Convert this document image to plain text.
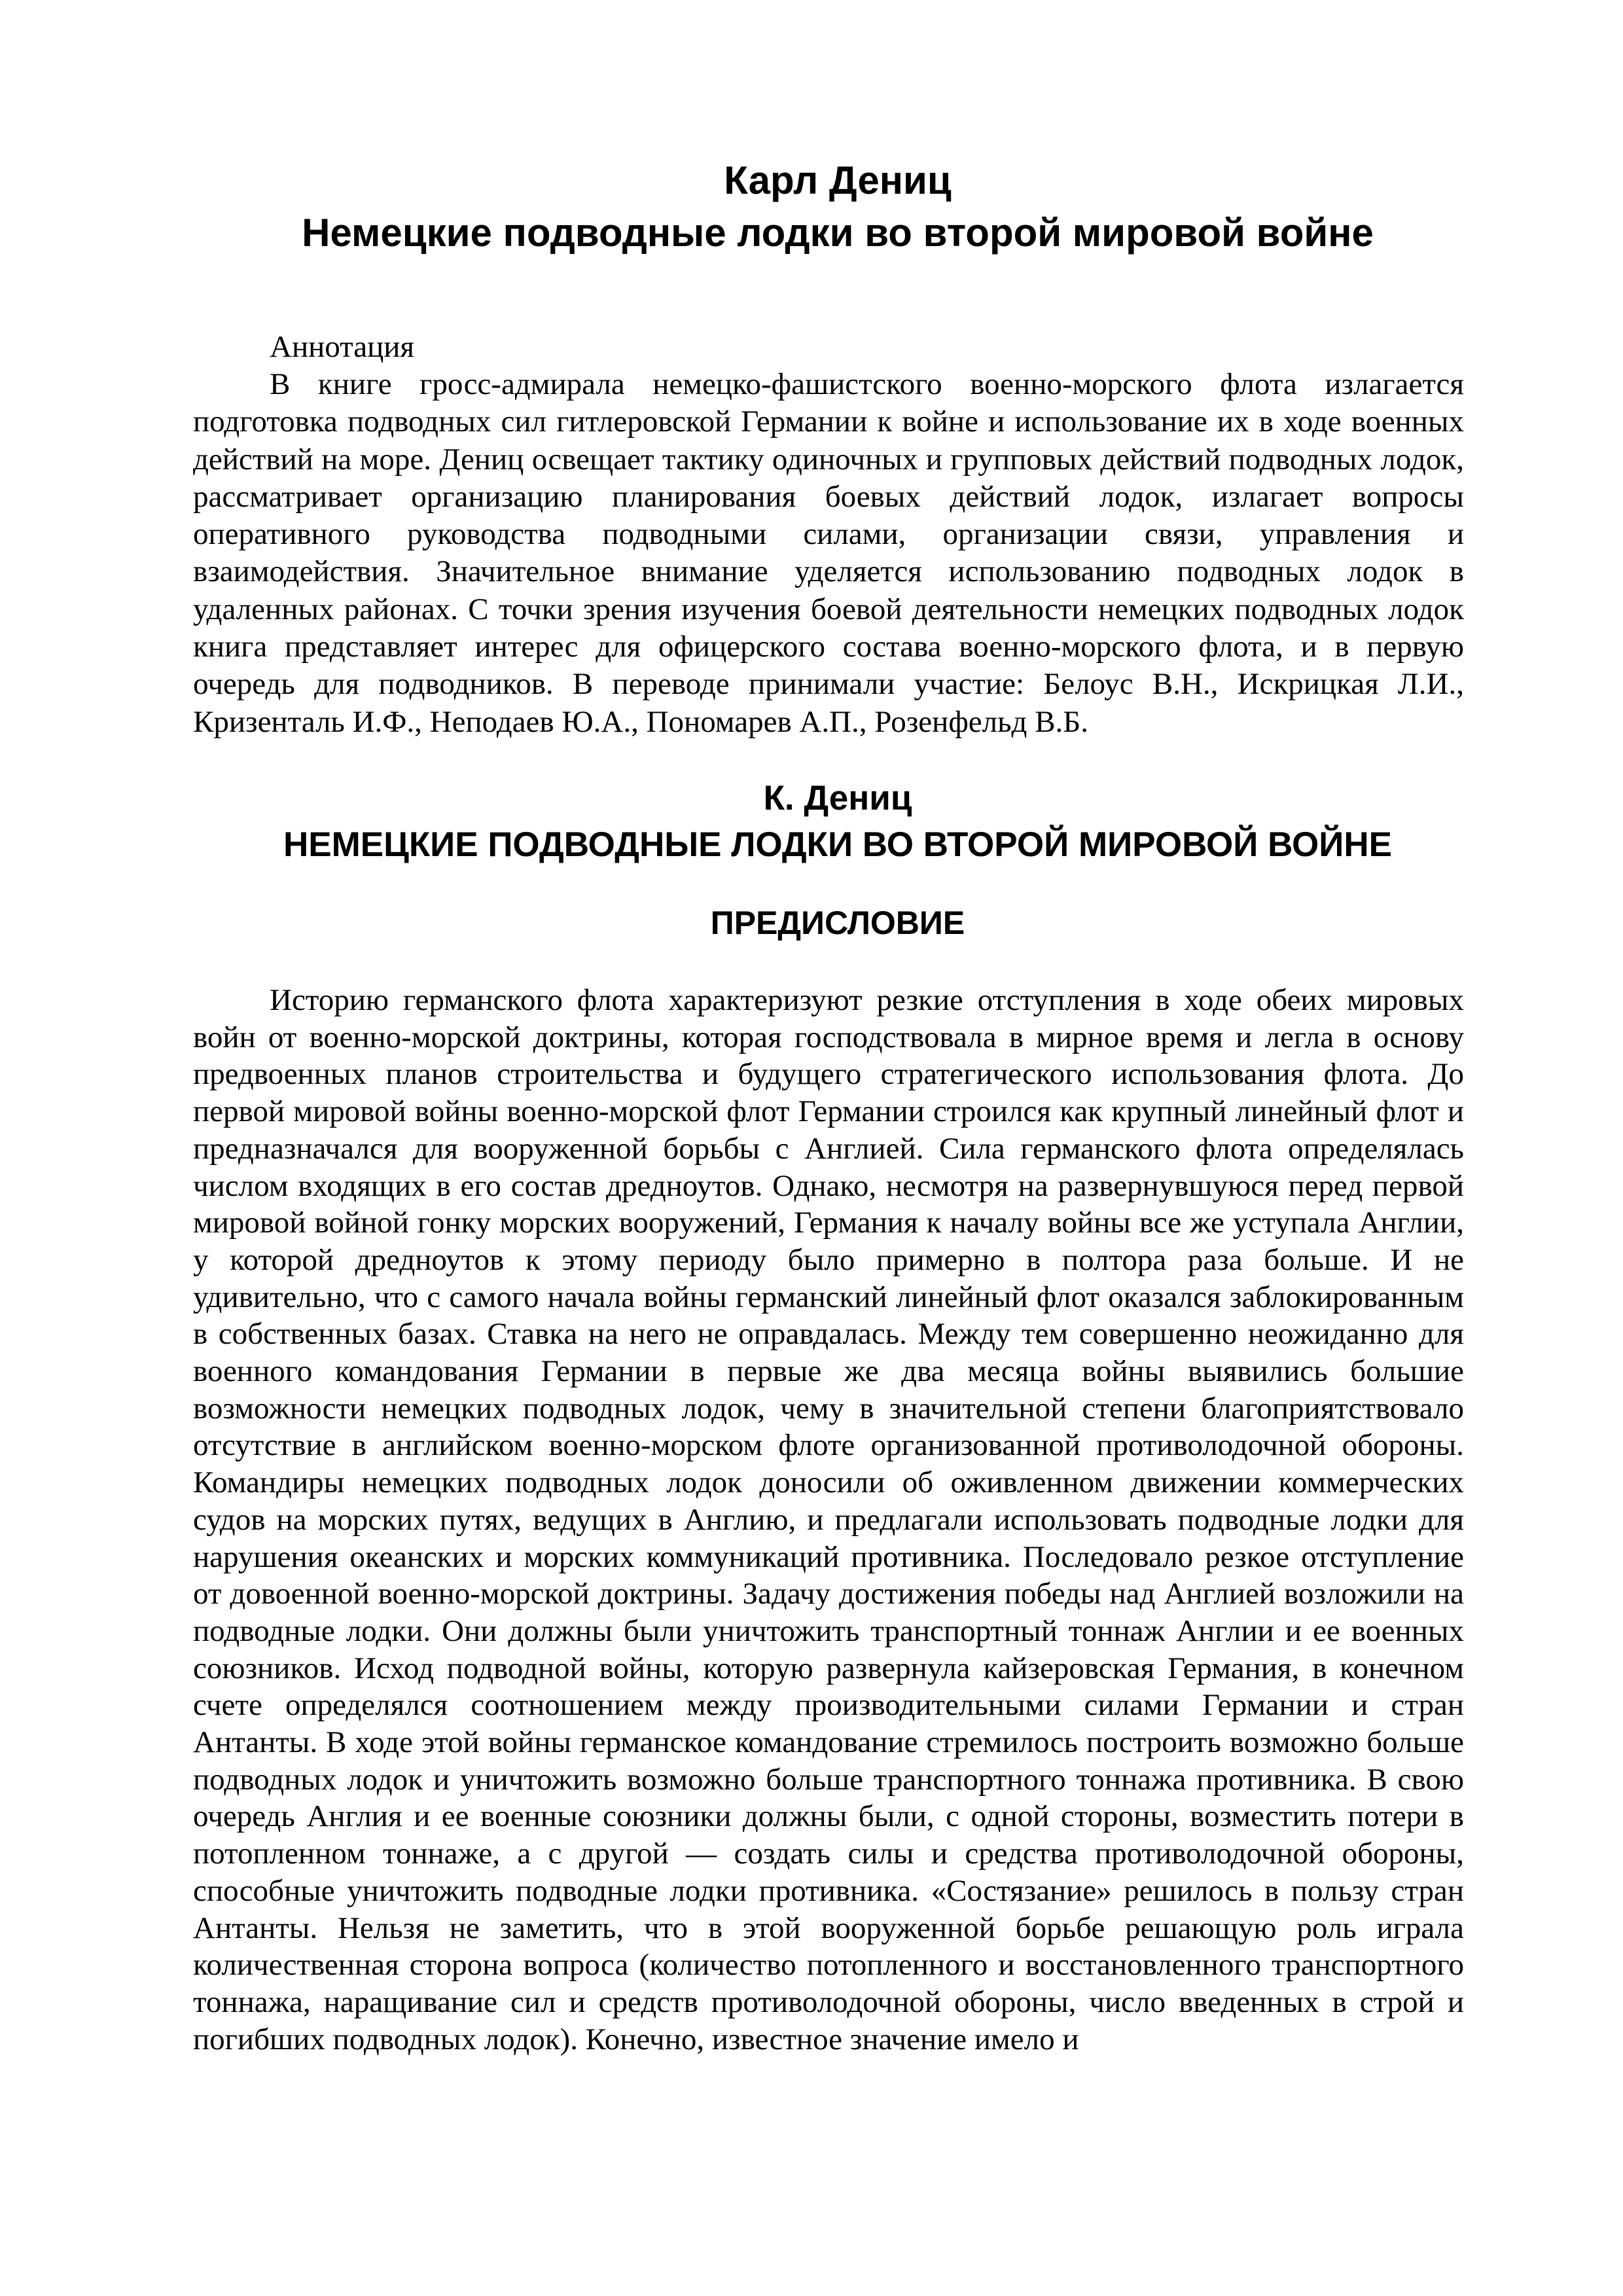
Карл Дениц
Немецкие подводные лодки во второй мировой войне
Аннотация
В книге гросс-адмирала немецко-фашистского военно-морского флота излагается подготовка подводных сил гитлеровской Германии к войне и использование их в ходе военных действий на море. Дениц освещает тактику одиночных и групповых действий подводных лодок, рассматривает организацию планирования боевых действий лодок, излагает вопросы оперативного руководства подводными силами, организации связи, управления и взаимодействия. Значительное внимание уделяется использованию подводных лодок в удаленных районах. С точки зрения изучения боевой деятельности немецких подводных лодок книга представляет интерес для офицерского состава военно-морского флота, и в первую очередь для подводников. В переводе принимали участие: Белоус В.Н., Искрицкая Л.И., Кризенталь И.Ф., Неподаев Ю.А., Пономарев А.П., Розенфельд В.Б.
К. Дениц
НЕМЕЦКИЕ ПОДВОДНЫЕ ЛОДКИ ВО ВТОРОЙ МИРОВОЙ ВОЙНЕ
ПРЕДИСЛОВИЕ
Историю германского флота характеризуют резкие отступления в ходе обеих мировых войн от военно-морской доктрины, которая господствовала в мирное время и легла в основу предвоенных планов строительства и будущего стратегического использования флота. До первой мировой войны военно-морской флот Германии строился как крупный линейный флот и предназначался для вооруженной борьбы с Англией. Сила германского флота определялась числом входящих в его состав дредноутов. Однако, несмотря на развернувшуюся перед первой мировой войной гонку морских вооружений, Германия к началу войны все же уступала Англии, у которой дредноутов к этому периоду было примерно в полтора раза больше. И не удивительно, что с самого начала войны германский линейный флот оказался заблокированным в собственных базах. Ставка на него не оправдалась. Между тем совершенно неожиданно для военного командования Германии в первые же два месяца войны выявились большие возможности немецких подводных лодок, чему в значительной степени благоприятствовало отсутствие в английском военно-морском флоте организованной противолодочной обороны. Командиры немецких подводных лодок доносили об оживленном движении коммерческих судов на морских путях, ведущих в Англию, и предлагали использовать подводные лодки для нарушения океанских и морских коммуникаций противника. Последовало резкое отступление от довоенной военно-морской доктрины. Задачу достижения победы над Англией возложили на подводные лодки. Они должны были уничтожить транспортный тоннаж Англии и ее военных союзников. Исход подводной войны, которую развернула кайзеровская Германия, в конечном счете определялся соотношением между производительными силами Германии и стран Антанты. В ходе этой войны германское командование стремилось построить возможно больше подводных лодок и уничтожить возможно больше транспортного тоннажа противника. В свою очередь Англия и ее военные союзники должны были, с одной стороны, возместить потери в потопленном тоннаже, а с другой — создать силы и средства противолодочной обороны, способные уничтожить подводные лодки противника. «Состязание» решилось в пользу стран Антанты. Нельзя не заметить, что в этой вооруженной борьбе решающую роль играла количественная сторона вопроса (количество потопленного и восстановленного транспортного тоннажа, наращивание сил и средств противолодочной обороны, число введенных в строй и погибших подводных лодок). Конечно, известное значение имело и
